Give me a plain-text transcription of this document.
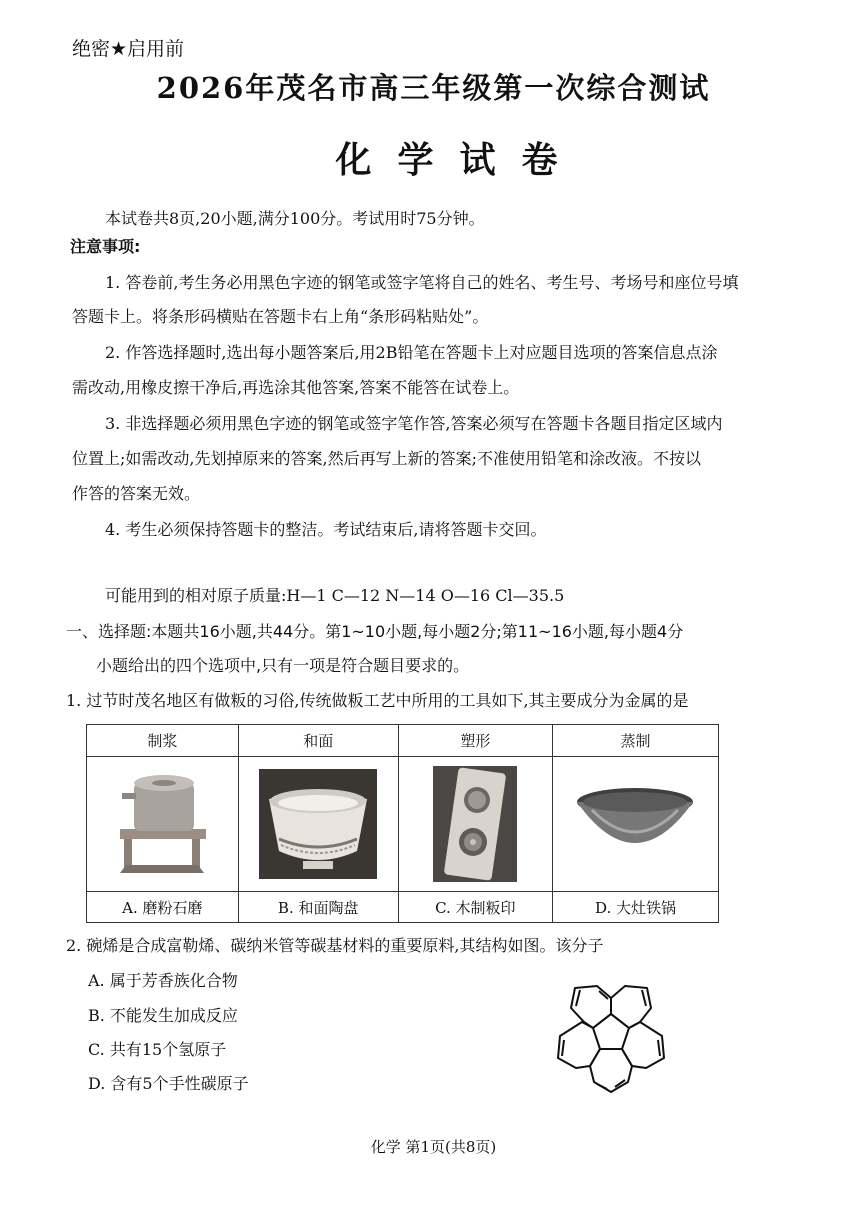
绝密★启用前
2026年茂名市高三年级第一次综合测试
化学试卷
本试卷共8页,20小题,满分100分。考试用时75分钟。
注意事项:
1. 答卷前,考生务必用黑色字迹的钢笔或签字笔将自己的姓名、考生号、考场号和座位号填
答题卡上。将条形码横贴在答题卡右上角“条形码粘贴处”。
2. 作答选择题时,选出每小题答案后,用2B铅笔在答题卡上对应题目选项的答案信息点涂
需改动,用橡皮擦干净后,再选涂其他答案,答案不能答在试卷上。
3. 非选择题必须用黑色字迹的钢笔或签字笔作答,答案必须写在答题卡各题目指定区域内
位置上;如需改动,先划掉原来的答案,然后再写上新的答案;不准使用铅笔和涂改液。不按以
作答的答案无效。
4. 考生必须保持答题卡的整洁。考试结束后,请将答题卡交回。
可能用到的相对原子质量:H—1 C—12 N—14 O—16 Cl—35.5
一、选择题:本题共16小题,共44分。第1~10小题,每小题2分;第11~16小题,每小题4分
小题给出的四个选项中,只有一项是符合题目要求的。
1. 过节时茂名地区有做粄的习俗,传统做粄工艺中所用的工具如下,其主要成分为金属的是
制浆	和面	塑形	蒸制

A. 磨粉石磨	B. 和面陶盘	C. 木制粄印	D. 大灶铁锅
2. 碗烯是合成富勒烯、碳纳米管等碳基材料的重要原料,其结构如图。该分子
A. 属于芳香族化合物
B. 不能发生加成反应
C. 共有15个氢原子
D. 含有5个手性碳原子
化学 第1页(共8页)
